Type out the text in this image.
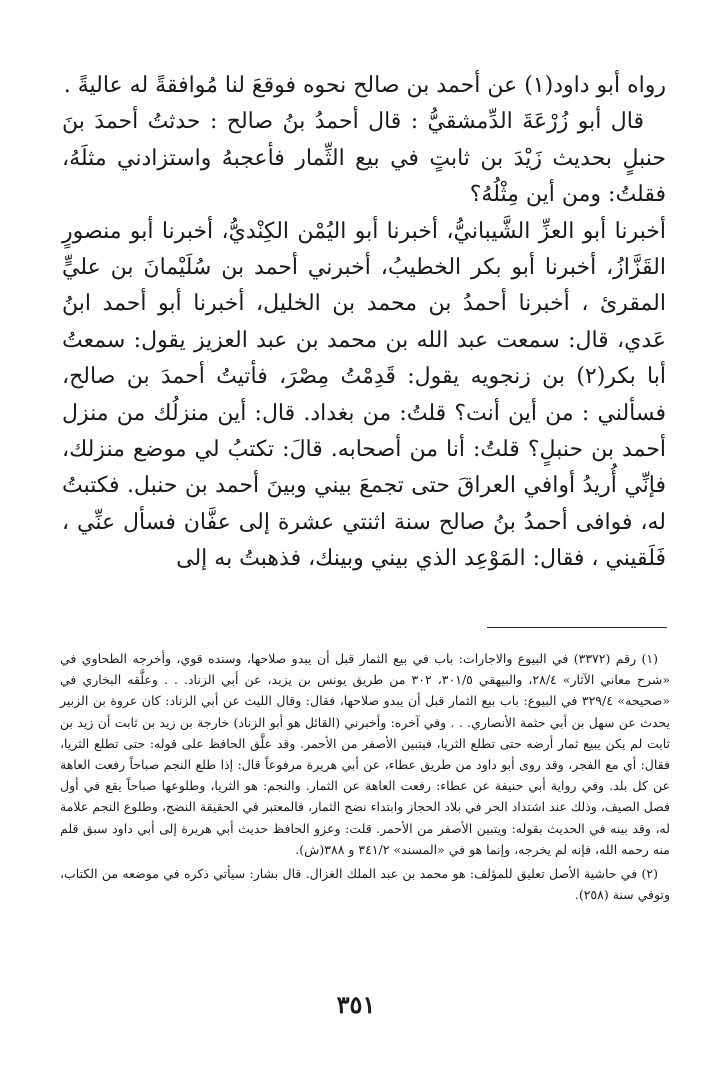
رواه أبو داود(١) عن أحمد بن صالح نحوه فوقعَ لنا مُوافقةً له عاليةً .

قال أبو زُرْعَةَ الدِّمشقيُّ : قال أحمدُ بنُ صالح : حدثتُ أحمدَ بنَ حنبلٍ بحديث زَيْدَ بن ثابتٍ في بيع الثِّمار فأعجبهُ واستزادني مثلَهُ، فقلتُ: ومن أين مِثْلُهُ؟

أخبرنا أبو العزِّ الشَّيبانيُّ، أخبرنا أبو اليُمْن الكِنْديُّ، أخبرنا أبو منصورٍ القَزَّازُ، أخبرنا أبو بكر الخطيبُ، أخبرني أحمد بن سُلَيْمانَ بن عليٍّ المقرئ ، أخبرنا أحمدُ بن محمد بن الخليل، أخبرنا أبو أحمد ابنُ عَدي، قال: سمعت عبد الله بن محمد بن عبد العزيز يقول: سمعتُ أبا بكر(٢) بن زنجويه يقول: قَدِمْتُ مِصْرَ، فأتيتُ أحمدَ بن صالح، فسألني : من أين أنت؟ قلتُ: من بغداد. قال: أين منزلُك من منزل أحمد بن حنبلٍ؟ قلتُ: أنا من أصحابه. قالَ: تكتبُ لي موضع منزلك، فإنِّي أُريدُ أوافي العراقَ حتى تجمعَ بيني وبينَ أحمد بن حنبل. فكتبتُ له، فوافى أحمدُ بنُ صالح سنة اثنتي عشرة إلى عفَّان فسأل عنِّي ، فَلَقيني ، فقال: المَوْعِد الذي بيني وبينك، فذهبتُ به إلى

(١) رقم (٣٣٧٢) في البيوع والاجارات: باب في بيع الثمار قبل أن يبدو صلاحها، وسنده قوي، وأخرجه الطحاوي في «شرح معاني الآثار» ٢٨/٤، والبيهقي ٣٠١/٥، ٣٠٢ من طريق يونس بن يزيد، عن أبي الزناد. . . وعلَّقه البخاري في «صحيحه» ٣٢٩/٤ في البيوع: باب بيع الثمار قبل أن يبدو صلاحها، فقال: وقال الليث عن أبي الزناد: كان عروة بن الزبير يحدث عن سهل بن أبي حثمة الأنصاري. . . وفي آخره: وأخبرني (القائل هو أبو الزناد) خارجة بن زيد بن ثابت أن زيد بن ثابت لم يكن يبيع ثمار أرضه حتى تطلع الثريا، فيتبين الأصفر من الأحمر. وقد علَّق الحافظ على قوله: حتى تطلع الثريا، فقال: أي مع الفجر، وقد روى أبو داود من طريق عطاء، عن أبي هريرة مرفوعاً قال: إذا طلع النجم صباحاً رفعت العاهة عن كل بلد. وفي رواية أبي حنيفة عن عطاء: رفعت العاهة عن الثمار. والنجم: هو الثريا، وطلوعها صباحاً يقع في أول فصل الصيف، وذلك عند اشتداد الحر في بلاد الحجاز وابتداء نضج الثمار، فالمعتبر في الحقيقة النضج، وطلوع النجم علامة له، وقد بينه في الحديث بقوله: ويتبين الأصفر من الأحمر. قلت: وعزو الحافظ حديث أبي هريرة إلى أبي داود سبق قلم منه رحمه الله، فإنه لم يخرجه، وإنما هو في «المسند» ٣٤١/٢ و ٣٨٨(ش).

(٢) في حاشية الأصل تعليق للمؤلف: هو محمد بن عبد الملك الغزال. قال بشار: سيأتي ذكره في موضعه من الكتاب، وتوفي سنة (٢٥٨).

٣٥١
